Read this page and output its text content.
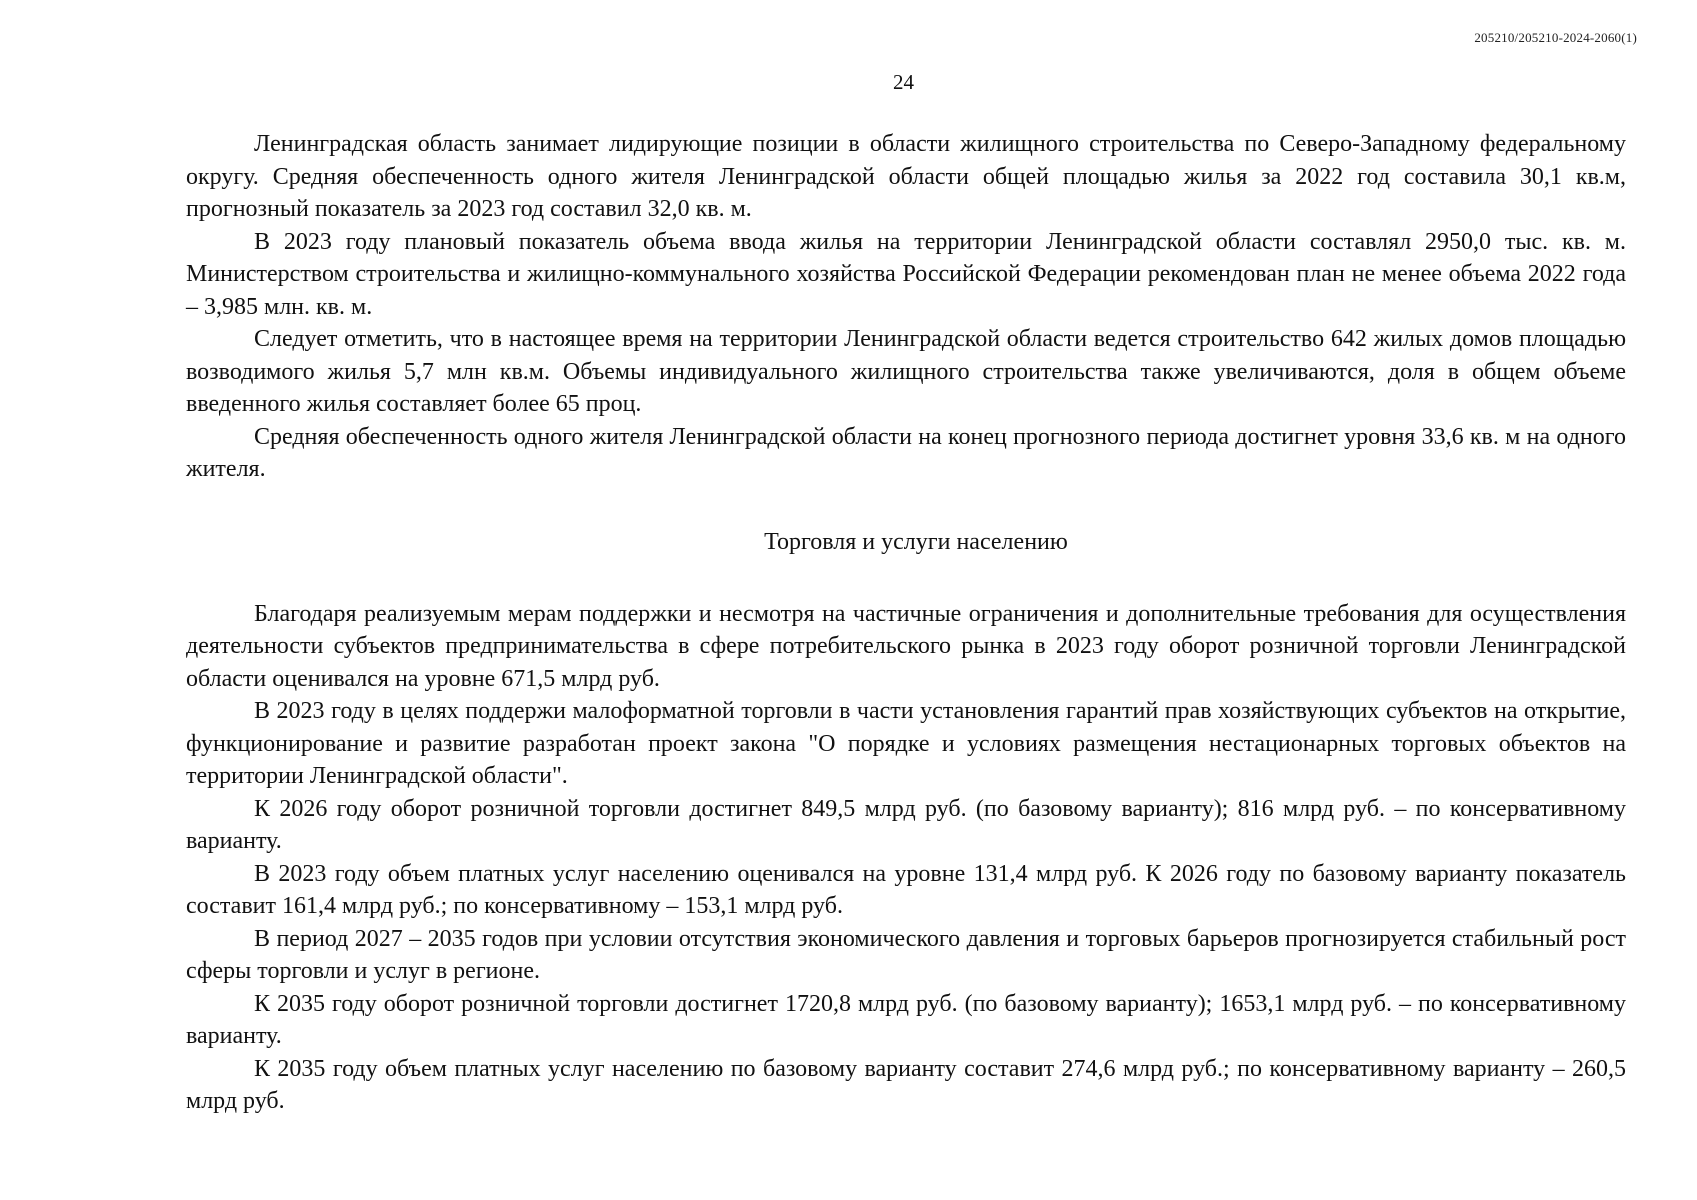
205210/205210-2024-2060(1)
24

Ленинградская область занимает лидирующие позиции в области жилищного строительства по Северо-Западному федеральному округу. Средняя обеспеченность одного жителя Ленинградской области общей площадью жилья за 2022 год составила 30,1 кв.м, прогнозный показатель за 2023 год составил 32,0 кв. м.

В 2023 году плановый показатель объема ввода жилья на территории Ленинградской области составлял 2950,0 тыс. кв. м. Министерством строительства и жилищно-коммунального хозяйства Российской Федерации рекомендован план не менее объема 2022 года – 3,985 млн. кв. м.

Следует отметить, что в настоящее время на территории Ленинградской области ведется строительство 642 жилых домов площадью возводимого жилья 5,7 млн кв.м. Объемы индивидуального жилищного строительства также увеличиваются, доля в общем объеме введенного жилья составляет более 65 проц.

Средняя обеспеченность одного жителя Ленинградской области на конец прогнозного периода достигнет уровня 33,6 кв. м на одного жителя.

Торговля и услуги населению

Благодаря реализуемым мерам поддержки и несмотря на частичные ограничения и дополнительные требования для осуществления деятельности субъектов предпринимательства в сфере потребительского рынка в 2023 году оборот розничной торговли Ленинградской области оценивался на уровне 671,5 млрд руб.

В 2023 году в целях поддержи малоформатной торговли в части установления гарантий прав хозяйствующих субъектов на открытие, функционирование и развитие разработан проект закона "О порядке и условиях размещения нестационарных торговых объектов на территории Ленинградской области".

К 2026 году оборот розничной торговли достигнет 849,5 млрд руб. (по базовому варианту); 816 млрд руб. – по консервативному варианту.

В 2023 году объем платных услуг населению оценивался на уровне 131,4 млрд руб. К 2026 году по базовому варианту показатель составит 161,4 млрд руб.; по консервативному – 153,1 млрд руб.

В период 2027 – 2035 годов при условии отсутствия экономического давления и торговых барьеров прогнозируется стабильный рост сферы торговли и услуг в регионе.

К 2035 году оборот розничной торговли достигнет 1720,8 млрд руб. (по базовому варианту); 1653,1 млрд руб. – по консервативному варианту.

К 2035 году объем платных услуг населению по базовому варианту составит 274,6 млрд руб.; по консервативному варианту – 260,5 млрд руб.
